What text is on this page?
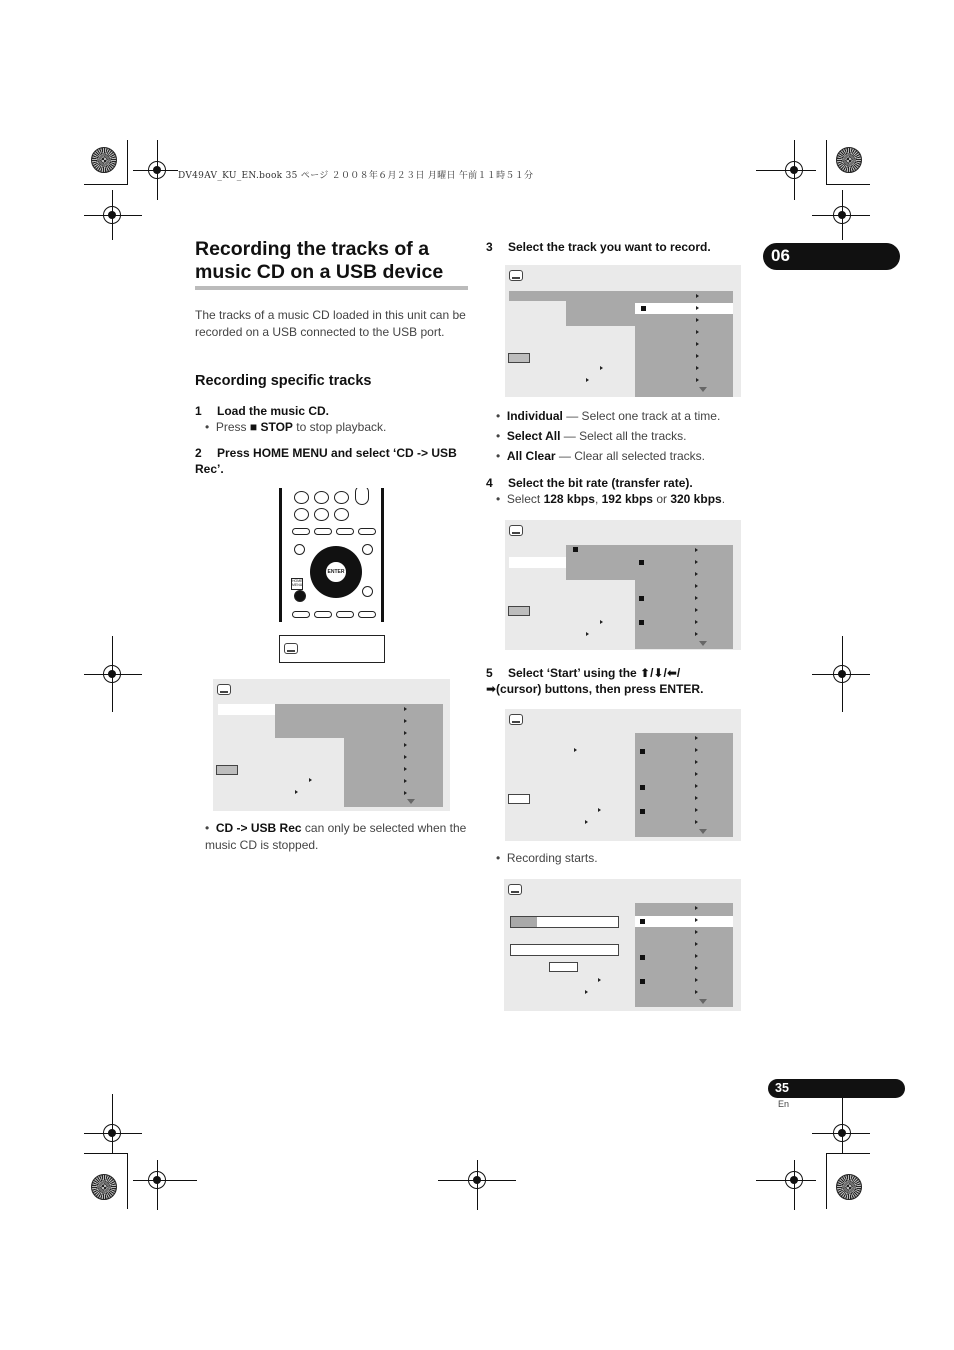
DV49AV_KU_EN.book 35 ページ ２００８年６月２３日 月曜日 午前１１時５１分
06
35
En
Recording the tracks of a music CD on a USB device

The tracks of a music CD loaded in this unit can be recorded on a USB connected to the USB port.

Recording specific tracks
1 Load the music CD.
•  Press ■ STOP to stop playback.
2 Press HOME MENU and select ‘CD -> USB Rec’.
ENTER
HOME MENU
•  CD -> USB Rec can only be selected when the music CD is stopped.
3 Select the track you want to record.
•  Individual — Select one track at a time.
•  Select All — Select all the tracks.
•  All Clear — Clear all selected tracks.
4 Select the bit rate (transfer rate).
•  Select 128 kbps, 192 kbps or 320 kbps.
5 Select ‘Start’ using the ⬆/⬇/⬅/
➡(cursor) buttons, then press ENTER.
•  Recording starts.
